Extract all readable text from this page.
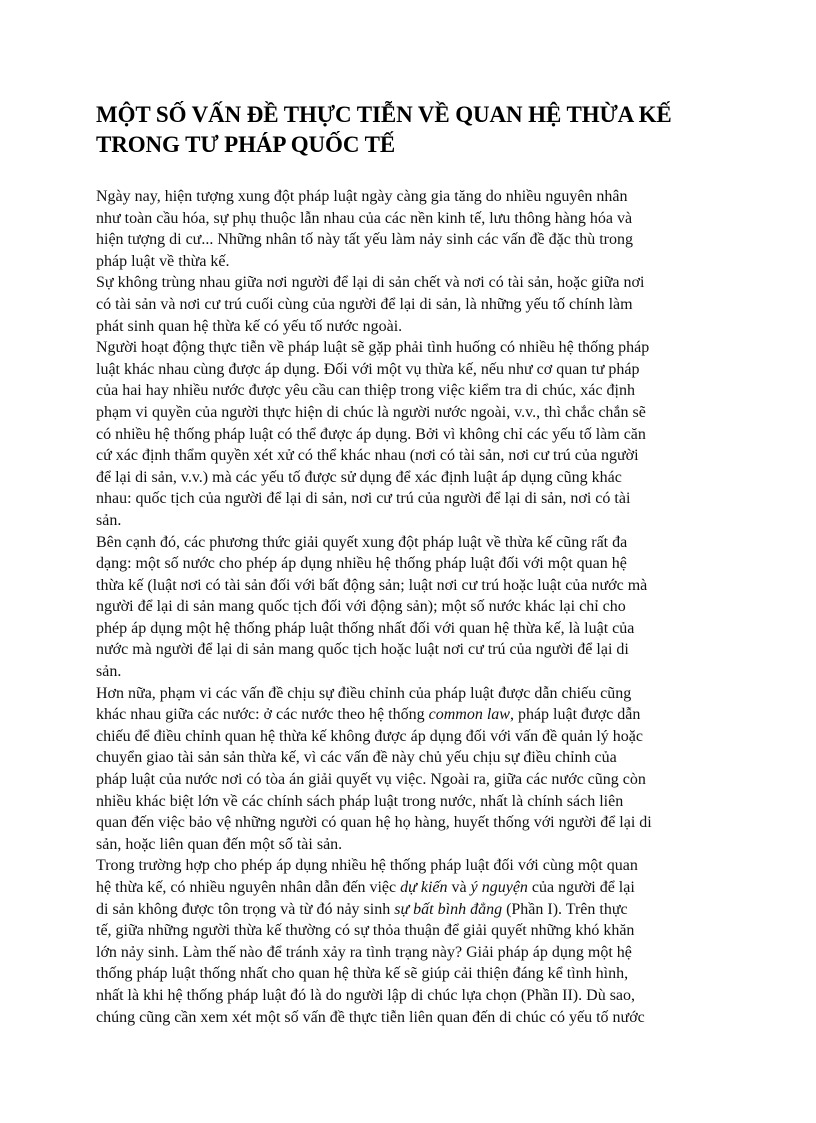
MỘT SỐ VẤN ĐỀ THỰC TIỄN VỀ QUAN HỆ THỪA KẾ
TRONG TƯ PHÁP QUỐC TẾ

Ngày nay, hiện tượng xung đột pháp luật ngày càng gia tăng do nhiều nguyên nhân
như toàn cầu hóa, sự phụ thuộc lẫn nhau của các nền kinh tế, lưu thông hàng hóa và
hiện tượng di cư... Những nhân tố này tất yếu làm nảy sinh các vấn đề đặc thù trong
pháp luật về thừa kế.

Sự không trùng nhau giữa nơi người để lại di sản chết và nơi có tài sản, hoặc giữa nơi
có tài sản và nơi cư trú cuối cùng của người để lại di sản, là những yếu tố chính làm
phát sinh quan hệ thừa kế có yếu tố nước ngoài.

Người hoạt động thực tiễn về pháp luật sẽ gặp phải tình huống có nhiều hệ thống pháp
luật khác nhau cùng được áp dụng. Đối với một vụ thừa kế, nếu như cơ quan tư pháp
của hai hay nhiều nước được yêu cầu can thiệp trong việc kiểm tra di chúc, xác định
phạm vi quyền của người thực hiện di chúc là người nước ngoài, v.v., thì chắc chắn sẽ
có nhiều hệ thống pháp luật có thể được áp dụng. Bởi vì không chỉ các yếu tố làm căn
cứ xác định thẩm quyền xét xử có thể khác nhau (nơi có tài sản, nơi cư trú của người
để lại di sản, v.v.) mà các yếu tố được sử dụng để xác định luật áp dụng cũng khác
nhau: quốc tịch của người để lại di sản, nơi cư trú của người để lại di sản, nơi có tài
sản.

Bên cạnh đó, các phương thức giải quyết xung đột pháp luật về thừa kế cũng rất đa
dạng: một số nước cho phép áp dụng nhiều hệ thống pháp luật đối với một quan hệ
thừa kế (luật nơi có tài sản đối với bất động sản; luật nơi cư trú hoặc luật của nước mà
người để lại di sản mang quốc tịch đối với động sản); một số nước khác lại chỉ cho
phép áp dụng một hệ thống pháp luật thống nhất đối với quan hệ thừa kế, là luật của
nước mà người để lại di sản mang quốc tịch hoặc luật nơi cư trú của người để lại di
sản.

Hơn nữa, phạm vi các vấn đề chịu sự điều chỉnh của pháp luật được dẫn chiếu cũng
khác nhau giữa các nước: ở các nước theo hệ thống common law, pháp luật được dẫn
chiếu để điều chỉnh quan hệ thừa kế không được áp dụng đối với vấn đề quản lý hoặc
chuyển giao tài sản sản thừa kế, vì các vấn đề này chủ yếu chịu sự điều chỉnh của
pháp luật của nước nơi có tòa án giải quyết vụ việc. Ngoài ra, giữa các nước cũng còn
nhiều khác biệt lớn về các chính sách pháp luật trong nước, nhất là chính sách liên
quan đến việc bảo vệ những người có quan hệ họ hàng, huyết thống với người để lại di
sản, hoặc liên quan đến một số tài sản.

Trong trường hợp cho phép áp dụng nhiều hệ thống pháp luật đối với cùng một quan
hệ thừa kế, có nhiều nguyên nhân dẫn đến việc dự kiến và ý nguyện của người để lại
di sản không được tôn trọng và từ đó nảy sinh sự bất bình đẳng (Phần I). Trên thực
tế, giữa những người thừa kế thường có sự thỏa thuận để giải quyết những khó khăn
lớn nảy sinh. Làm thế nào để tránh xảy ra tình trạng này? Giải pháp áp dụng một hệ
thống pháp luật thống nhất cho quan hệ thừa kế sẽ giúp cải thiện đáng kể tình hình,
nhất là khi hệ thống pháp luật đó là do người lập di chúc lựa chọn (Phần II). Dù sao,
chúng cũng cần xem xét một số vấn đề thực tiễn liên quan đến di chúc có yếu tố nước
